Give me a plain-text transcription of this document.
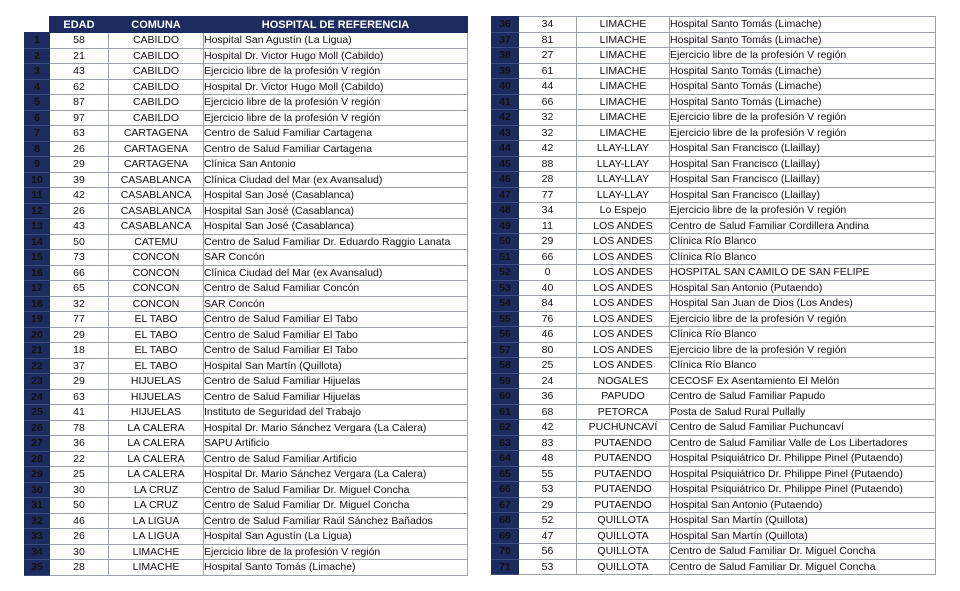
	EDAD	COMUNA	HOSPITAL DE REFERENCIA
1	58	CABILDO	Hospital San Agustín (La Ligua)
2	21	CABILDO	Hospital Dr. Victor Hugo Moll (Cabildo)
3	43	CABILDO	Ejercicio libre de la profesión V región
4	62	CABILDO	Hospital Dr. Victor Hugo Moll (Cabildo)
5	87	CABILDO	Ejercicio libre de la profesión V región
6	97	CABILDO	Ejercicio libre de la profesión V región
7	63	CARTAGENA	Centro de Salud Familiar Cartagena
8	26	CARTAGENA	Centro de Salud Familiar Cartagena
9	29	CARTAGENA	Clínica San Antonio
10	39	CASABLANCA	Clínica Ciudad del Mar (ex Avansalud)
11	42	CASABLANCA	Hospital San José (Casablanca)
12	26	CASABLANCA	Hospital San José (Casablanca)
13	43	CASABLANCA	Hospital San José (Casablanca)
14	50	CATEMU	Centro de Salud Familiar Dr. Eduardo Raggio Lanata
15	73	CONCON	SAR Concón
16	66	CONCON	Clínica Ciudad del Mar (ex Avansalud)
17	65	CONCON	Centro de Salud Familiar Concón
18	32	CONCON	SAR Concón
19	77	EL TABO	Centro de Salud Familiar El Tabo
20	29	EL TABO	Centro de Salud Familiar El Tabo
21	18	EL TABO	Centro de Salud Familiar El Tabo
22	37	EL TABO	Hospital San Martín (Quillota)
23	29	HIJUELAS	Centro de Salud Familiar Hijuelas
24	63	HIJUELAS	Centro de Salud Familiar Hijuelas
25	41	HIJUELAS	Instituto de Seguridad del Trabajo
26	78	LA CALERA	Hospital Dr. Mario Sánchez Vergara (La Calera)
27	36	LA CALERA	SAPU Artificio
28	22	LA CALERA	Centro de Salud Familiar Artificio
29	25	LA CALERA	Hospital Dr. Mario Sánchez Vergara (La Calera)
30	30	LA CRUZ	Centro de Salud Familiar Dr. Miguel Concha
31	50	LA CRUZ	Centro de Salud Familiar Dr. Miguel Concha
32	46	LA LIGUA	Centro de Salud Familiar Raúl Sánchez Bañados
33	26	LA LIGUA	Hospital San Agustín (La Ligua)
34	30	LIMACHE	Ejercicio libre de la profesión V región
35	28	LIMACHE	Hospital Santo Tomás (Limache)
36	34	LIMACHE	Hospital Santo Tomás (Limache)
37	81	LIMACHE	Hospital Santo Tomás (Limache)
38	27	LIMACHE	Ejercicio libre de la profesión V región
39	61	LIMACHE	Hospital Santo Tomás (Limache)
40	44	LIMACHE	Hospital Santo Tomás (Limache)
41	66	LIMACHE	Hospital Santo Tomás (Limache)
42	32	LIMACHE	Ejercicio libre de la profesión V región
43	32	LIMACHE	Ejercicio libre de la profesión V región
44	42	LLAY-LLAY	Hospital San Francisco (Llaillay)
45	88	LLAY-LLAY	Hospital San Francisco (Llaillay)
46	28	LLAY-LLAY	Hospital San Francisco (Llaillay)
47	77	LLAY-LLAY	Hospital San Francisco (Llaillay)
48	34	Lo Espejo	Ejercicio libre de la profesión V región
49	11	LOS ANDES	Centro de Salud Familiar Cordillera Andina
50	29	LOS ANDES	Clínica Río Blanco
51	66	LOS ANDES	Clínica Río Blanco
52	0	LOS ANDES	HOSPITAL SAN CAMILO DE SAN FELIPE
53	40	LOS ANDES	Hospital San Antonio (Putaendo)
54	84	LOS ANDES	Hospital San Juan de Dios (Los Andes)
55	76	LOS ANDES	Ejercicio libre de la profesión V región
56	46	LOS ANDES	Clínica Río Blanco
57	80	LOS ANDES	Ejercicio libre de la profesión V región
58	25	LOS ANDES	Clínica Río Blanco
59	24	NOGALES	CECOSF Ex Asentamiento El Melón
60	36	PAPUDO	Centro de Salud Familiar Papudo
61	68	PETORCA	Posta de Salud Rural Pullally
62	42	PUCHUNCAVÍ	Centro de Salud Familiar Puchuncaví
63	83	PUTAENDO	Centro de Salud Familiar Valle de Los Libertadores
64	48	PUTAENDO	Hospital Psiquiátrico Dr. Philippe Pinel (Putaendo)
65	55	PUTAENDO	Hospital Psiquiátrico Dr. Philippe Pinel (Putaendo)
66	53	PUTAENDO	Hospital Psiquiátrico Dr. Philippe Pinel (Putaendo)
67	29	PUTAENDO	Hospital San Antonio (Putaendo)
68	52	QUILLOTA	Hospital San Martín (Quillota)
69	47	QUILLOTA	Hospital San Martín (Quillota)
70	56	QUILLOTA	Centro de Salud Familiar Dr. Miguel Concha
71	53	QUILLOTA	Centro de Salud Familiar Dr. Miguel Concha
